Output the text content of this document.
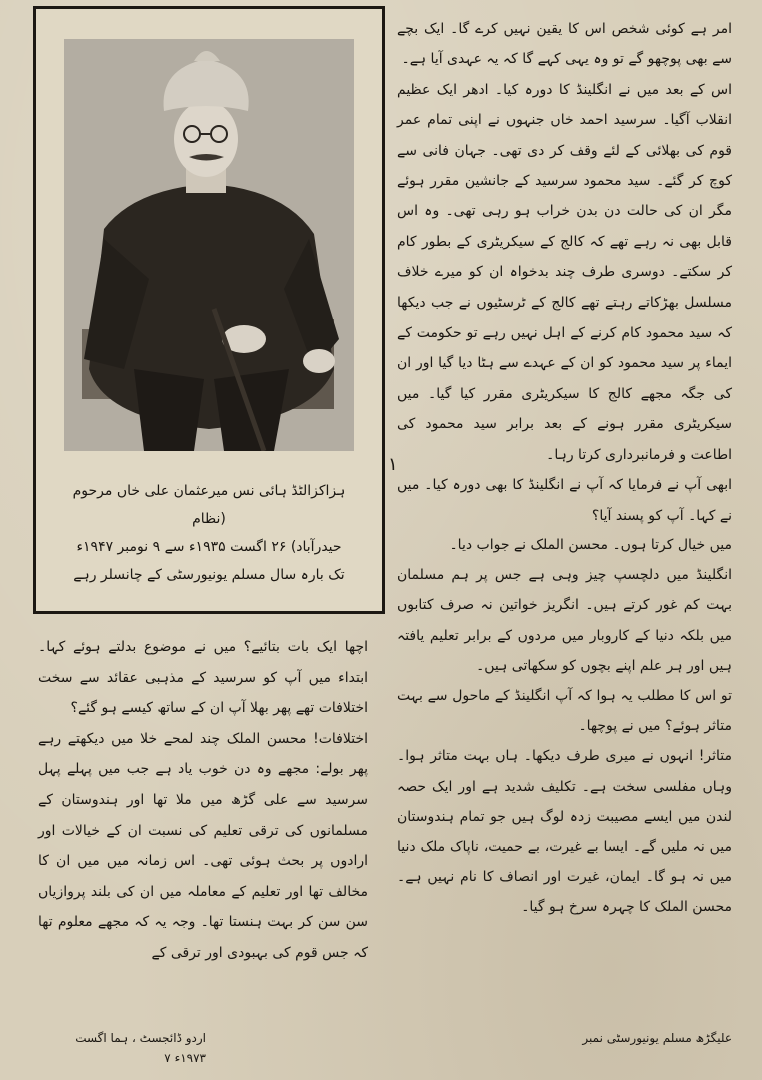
ہزاکزالٹڈ ہائی نس میرعثمان علی خاں مرحوم (نظام

حیدرآباد) ۲۶ اگست ۱۹۳۵ء سے ۹ نومبر ۱۹۴۷ء

تک بارہ سال مسلم یونیورسٹی کے چانسلر رہے

١

امر ہے کوئی شخص اس کا یقین نہیں کرے گا۔ ایک بچے سے بھی پوچھو گے تو وہ یہی کہے گا کہ یہ عہدی آیا ہے۔

اس کے بعد میں نے انگلینڈ کا دورہ کیا۔ ادھر ایک عظیم انقلاب آگیا۔ سرسید احمد خاں جنہوں نے اپنی تمام عمر قوم کی بھلائی کے لئے وقف کر دی تھی۔ جہان فانی سے کوچ کر گئے۔ سید محمود سرسید کے جانشین مقرر ہوئے مگر ان کی حالت دن بدن خراب ہو رہی تھی۔ وہ اس قابل بھی نہ رہے تھے کہ کالج کے سیکریٹری کے بطور کام کر سکتے۔ دوسری طرف چند بدخواہ ان کو میرے خلاف مسلسل بھڑکاتے رہتے تھے کالج کے ٹرسٹیوں نے جب دیکھا کہ سید محمود کام کرنے کے اہل نہیں رہے تو حکومت کے ایماء پر سید محمود کو ان کے عہدے سے ہٹا دیا گیا اور ان کی جگہ مجھے کالج کا سیکریٹری مقرر کیا گیا۔ میں سیکریٹری مقرر ہونے کے بعد برابر سید محمود کی اطاعت و فرمانبرداری کرتا رہا۔

ابھی آپ نے فرمایا کہ آپ نے انگلینڈ کا بھی دورہ کیا۔ میں نے کہا۔ آپ کو پسند آیا؟

میں خیال کرتا ہوں۔ محسن الملک نے جواب دیا۔

انگلینڈ میں دلچسپ چیز وہی ہے جس پر ہم مسلمان بہت کم غور کرتے ہیں۔ انگریز خواتین نہ صرف کتابوں میں بلکہ دنیا کے کاروبار میں مردوں کے برابر تعلیم یافتہ ہیں اور ہر علم اپنے بچوں کو سکھاتی ہیں۔

تو اس کا مطلب یہ ہوا کہ آپ انگلینڈ کے ماحول سے بہت متاثر ہوئے؟ میں نے پوچھا۔

متاثر! انہوں نے میری طرف دیکھا۔ ہاں بہت متاثر ہوا۔ وہاں مفلسی سخت ہے۔ تکلیف شدید ہے اور ایک حصہ لندن میں ایسے مصیبت زدہ لوگ ہیں جو تمام ہندوستان میں نہ ملیں گے۔ ایسا بے غیرت، بے حمیت، ناپاک ملک دنیا میں نہ ہو گا۔ ایمان، غیرت اور انصاف کا نام نہیں ہے۔ محسن الملک کا چہرہ سرخ ہو گیا۔

اچھا ایک بات بتائیے؟ میں نے موضوع بدلتے ہوئے کہا۔ ابتداء میں آپ کو سرسید کے مذہبی عقائد سے سخت اختلافات تھے پھر بھلا آپ ان کے ساتھ کیسے ہو گئے؟

اختلافات! محسن الملک چند لمحے خلا میں دیکھتے رہے پھر بولے: مجھے وہ دن خوب یاد ہے جب میں پہلے پہل سرسید سے علی گڑھ میں ملا تھا اور ہندوستان کے مسلمانوں کی ترقی تعلیم کی نسبت ان کے خیالات اور ارادوں پر بحث ہوئی تھی۔ اس زمانہ میں میں ان کا مخالف تھا اور تعلیم کے معاملہ میں ان کی بلند پروازیاں سن سن کر بہت ہنستا تھا۔ وجہ یہ کہ مجھے معلوم تھا کہ جس قوم کی بہبودی اور ترقی کے

اردو ڈائجسٹ ، ہما اگست ۱۹۷۳ء ۷
علیگڑھ مسلم یونیورسٹی نمبر
